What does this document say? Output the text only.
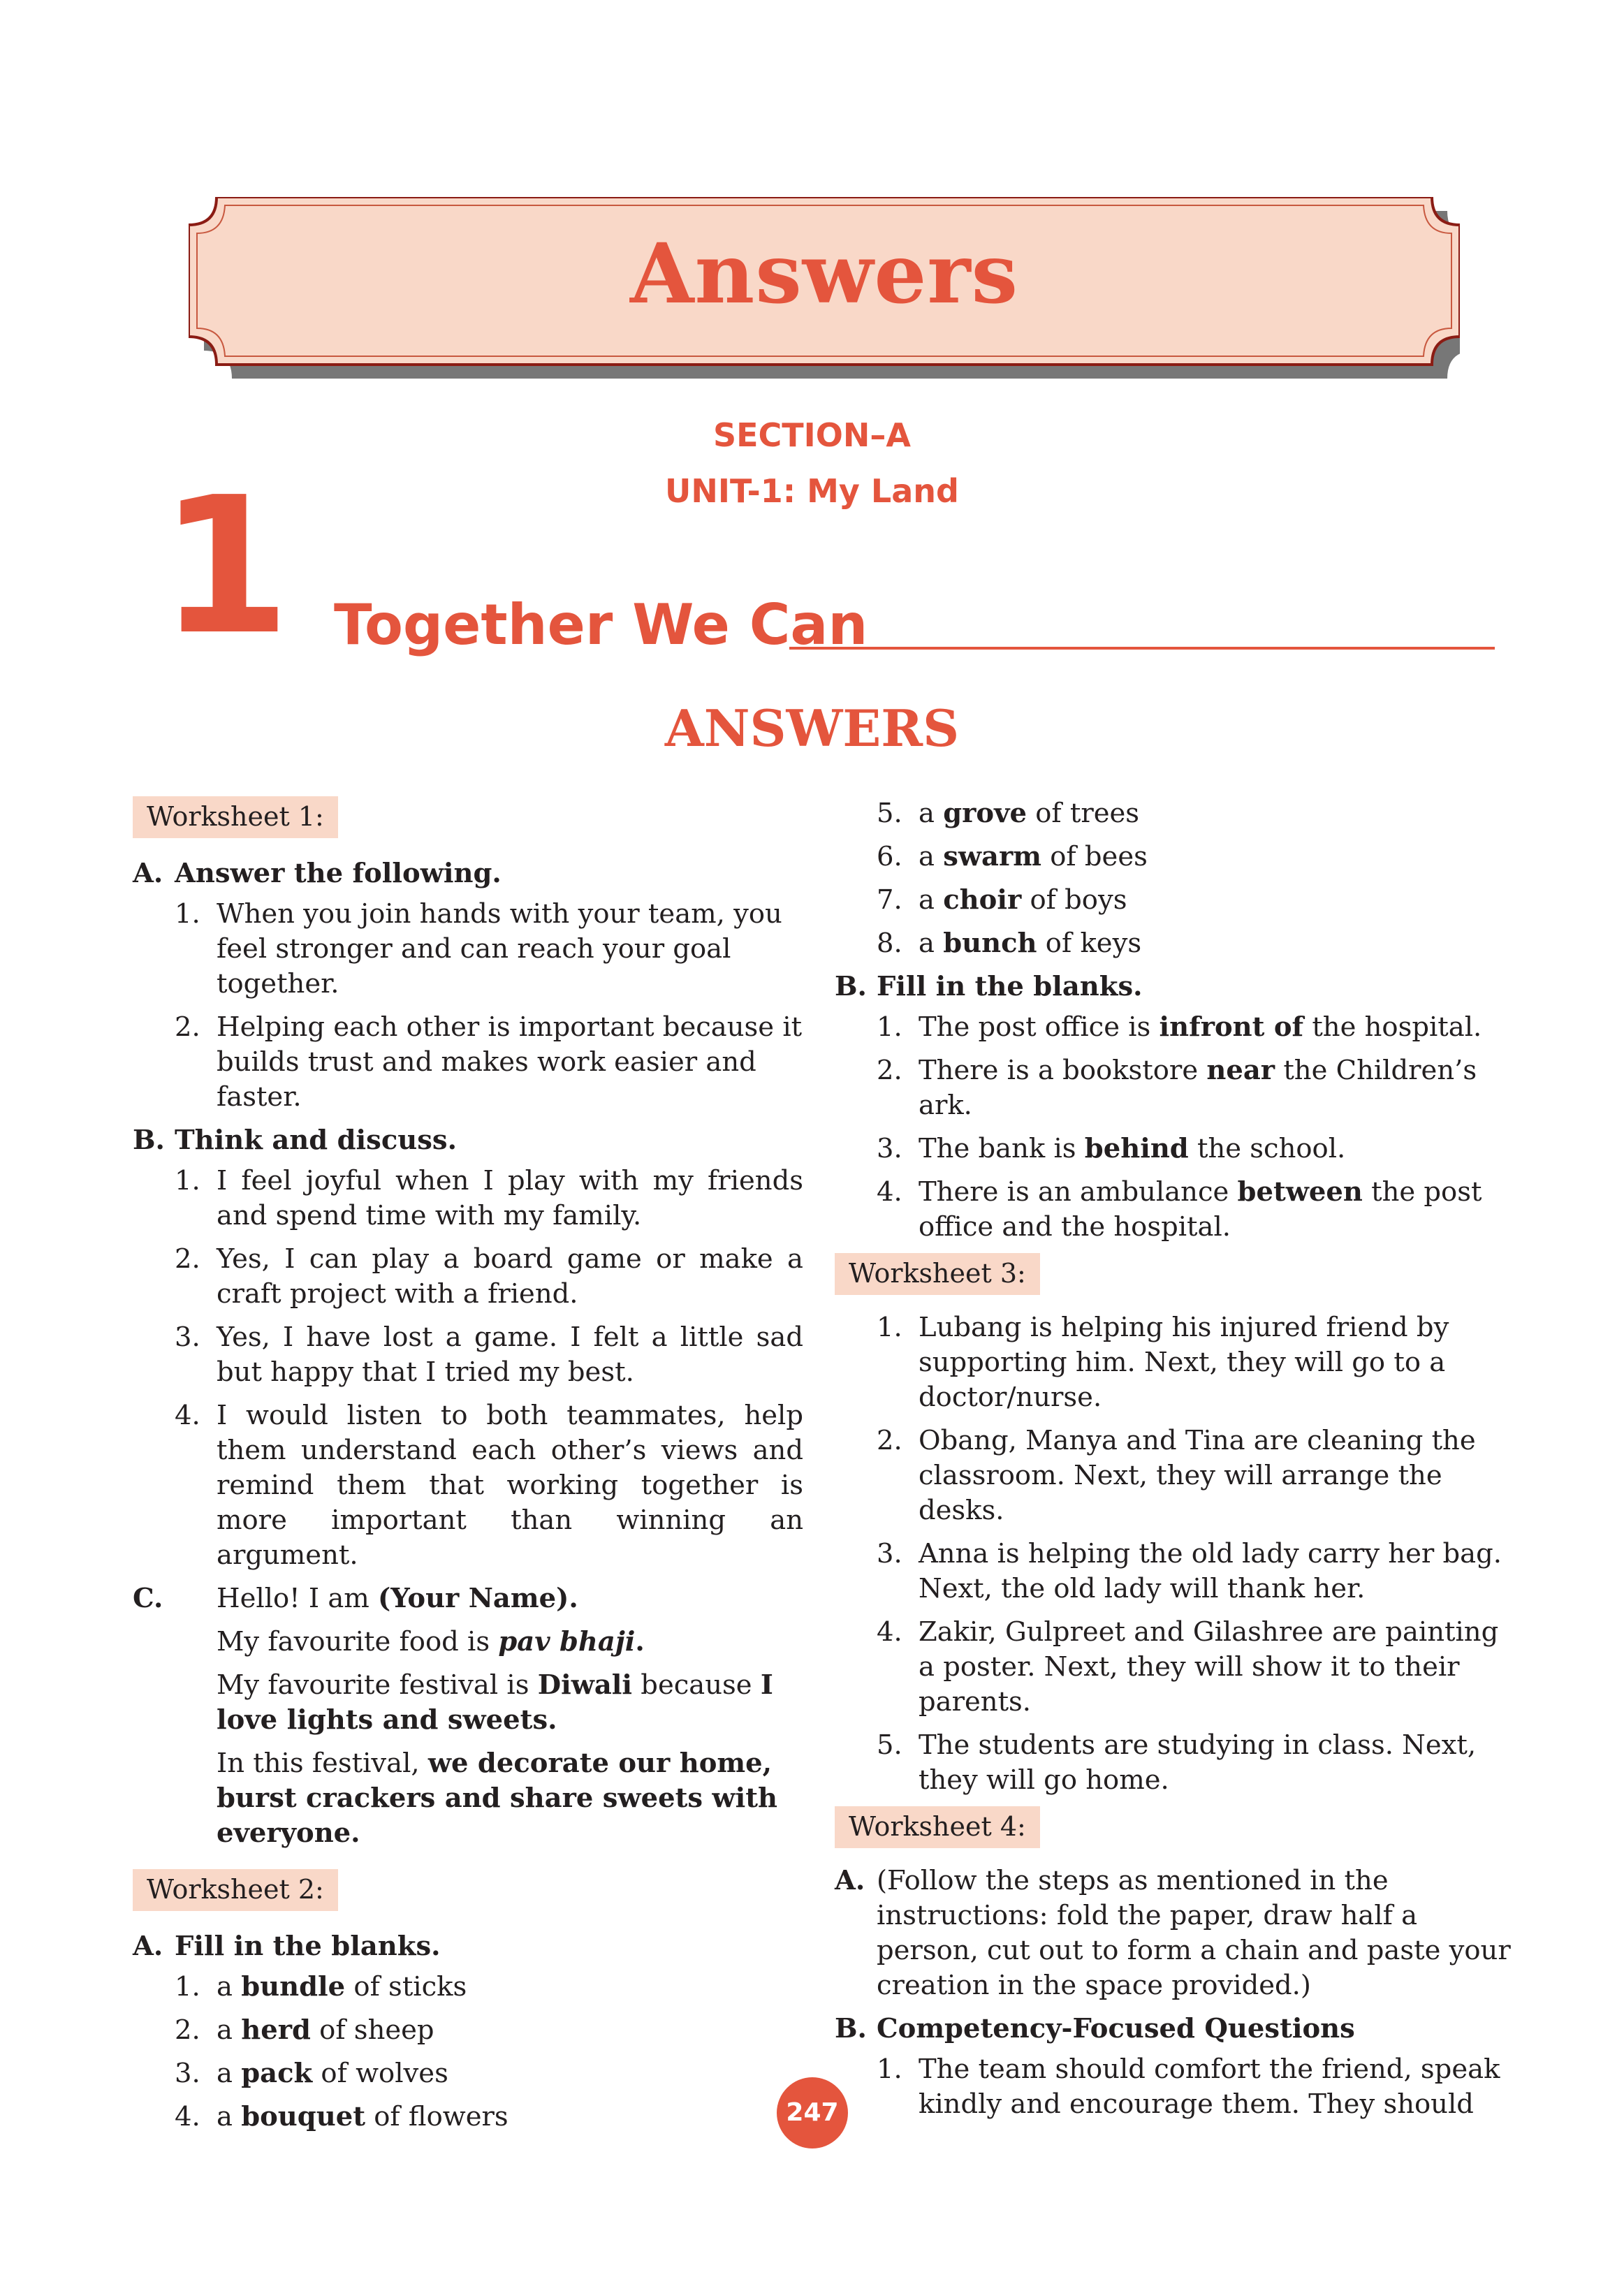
Answers
SECTION–A
UNIT-1: My Land
1 Together We Can
ANSWERS
Worksheet 1:
A. Answer the following.
1. When you join hands with your team, you feel stronger and can reach your goal together.
2. Helping each other is important because it builds trust and makes work easier and faster.
B. Think and discuss.
1. I feel joyful when I play with my friends and spend time with my family.
2. Yes, I can play a board game or make a craft project with a friend.
3. Yes, I have lost a game. I felt a little sad but happy that I tried my best.
4. I would listen to both teammates, help them understand each other’s views and remind them that working together is more important than winning an argument.
C.	Hello! I am (Your Name).
My favourite food is pav bhaji.
My favourite festival is Diwali because I love lights and sweets.
In this festival, we decorate our home, burst crackers and share sweets with everyone.
Worksheet 2:
A. Fill in the blanks.
1. a bundle of sticks
2. a herd of sheep
3. a pack of wolves
4. a bouquet of flowers
5. a grove of trees
6. a swarm of bees
7. a choir of boys
8. a bunch of keys
B. Fill in the blanks.
1. The post office is infront of the hospital.
2. There is a bookstore near the Children’s ark.
3. The bank is behind the school.
4. There is an ambulance between the post office and the hospital.
Worksheet 3:
1. Lubang is helping his injured friend by supporting him. Next, they will go to a doctor/nurse.
2. Obang, Manya and Tina are cleaning the classroom. Next, they will arrange the desks.
3. Anna is helping the old lady carry her bag. Next, the old lady will thank her.
4. Zakir, Gulpreet and Gilashree are painting a poster. Next, they will show it to their parents.
5. The students are studying in class. Next, they will go home.
Worksheet 4:
A. (Follow the steps as mentioned in the instructions: fold the paper, draw half a person, cut out to form a chain and paste your creation in the space provided.)
B. Competency-Focused Questions
1. The team should comfort the friend, speak kindly and encourage them. They should
247
